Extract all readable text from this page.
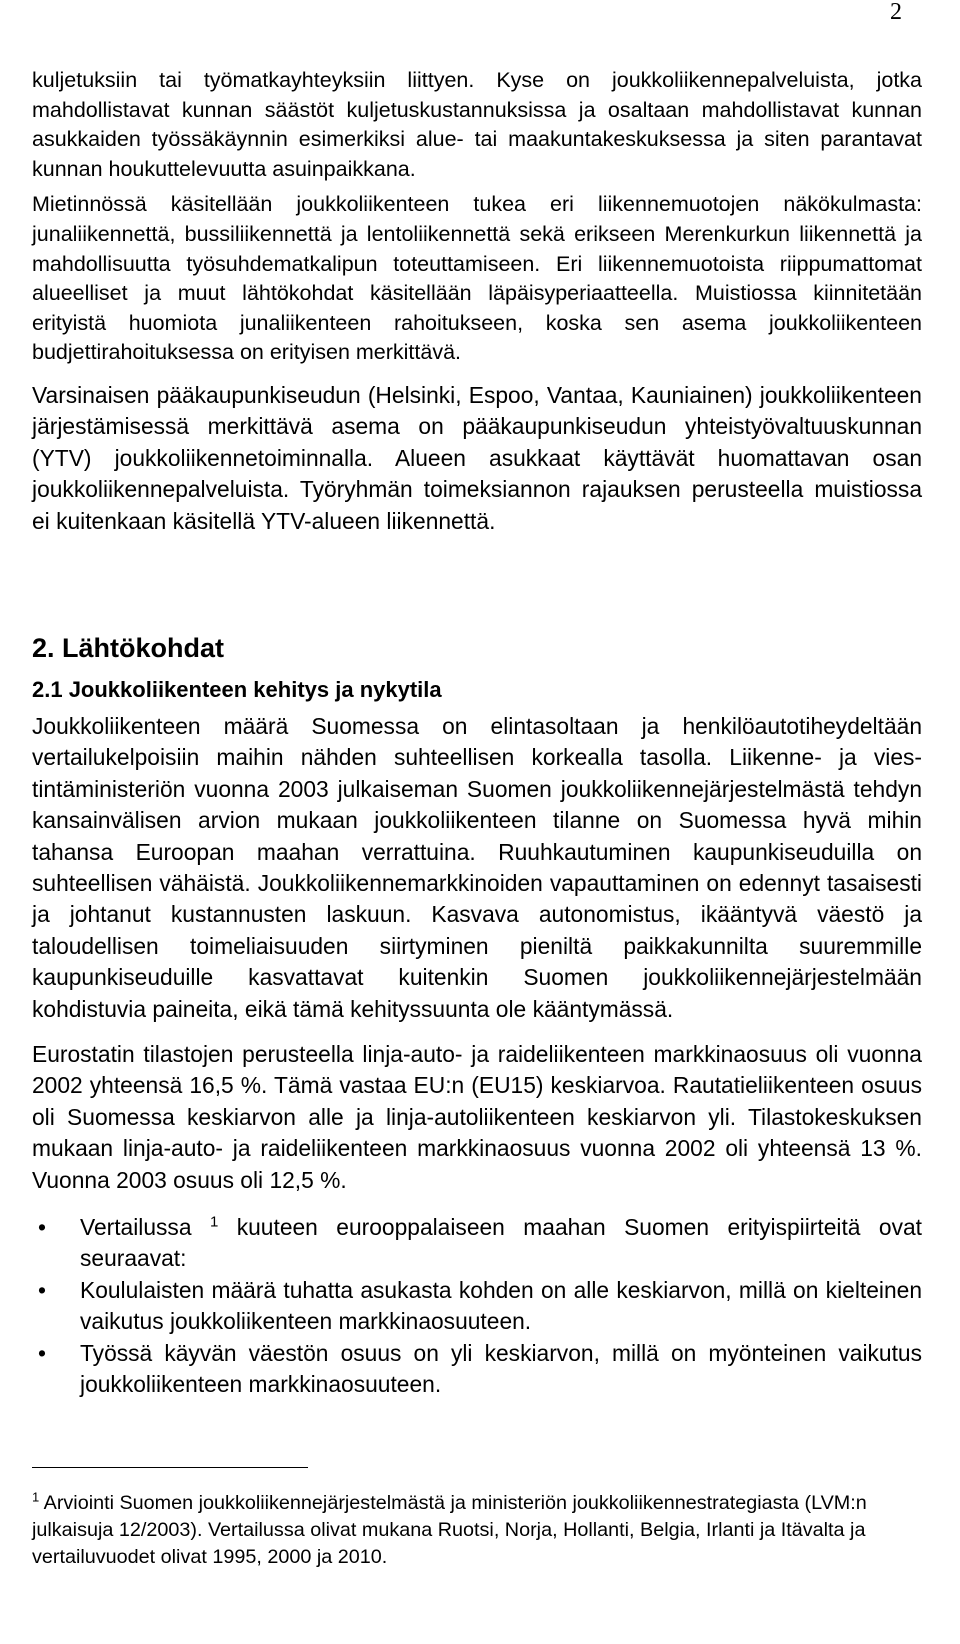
2

kuljetuksiin tai työmatkayhteyksiin liittyen. Kyse on joukkoliikennepalveluista, jotka mahdollistavat kunnan säästöt kuljetuskustannuksissa ja osaltaan mahdollistavat kunnan asukkaiden työssäkäynnin esimerkiksi alue- tai maakuntakeskuksessa ja siten parantavat kunnan houkuttelevuutta asuinpaikkana.

Mietinnössä käsitellään joukkoliikenteen tukea eri liikennemuotojen näkökulmasta: junaliikennettä, bussiliikennettä ja lentoliikennettä sekä erikseen Merenkurkun liikennettä ja mahdollisuutta työsuhdematkalipun toteuttamiseen. Eri liikennemuotoista riippumattomat alueelliset ja muut lähtökohdat käsitellään läpäisyperiaatteella. Muistiossa kiinnitetään erityistä huomiota junaliikenteen rahoitukseen, koska sen asema joukkoliikenteen budjettirahoituksessa on erityisen merkittävä.

Varsinaisen pääkaupunkiseudun (Helsinki, Espoo, Vantaa, Kauniainen) joukkoliikenteen järjestämisessä merkittävä asema on pääkaupunkiseudun yhteistyövaltuuskunnan (YTV) joukkoliikennetoiminnalla. Alueen asukkaat käyttävät huomattavan osan joukkoliikennepalveluista. Työryhmän toimeksiannon rajauksen perusteella muistiossa ei kuitenkaan käsitellä YTV-alueen liikennettä.

2. Lähtökohdat
2.1 Joukkoliikenteen kehitys ja nykytila

Joukkoliikenteen määrä Suomessa on elintasoltaan ja henkilöautotiheydeltään vertailukelpoisiin maihin nähden suhteellisen korkealla tasolla. Liikenne- ja viestintäministeriön vuonna 2003 julkaiseman Suomen joukkoliikennejärjestelmästä tehdyn kansainvälisen arvion mukaan joukkoliikenteen tilanne on Suomessa hyvä mihin tahansa Euroopan maahan verrattuina. Ruuhkautuminen kaupunkiseuduilla on suhteellisen vähäistä. Joukkoliikennemarkkinoiden vapauttaminen on edennyt tasaisesti ja johtanut kustannusten laskuun. Kasvava autonomistus, ikääntyvä väestö ja taloudellisen toimeliaisuuden siirtyminen pieniltä paikkakunnilta suuremmille kaupunkiseuduille kasvattavat kuitenkin Suomen joukkoliikennejärjestelmään kohdistuvia paineita, eikä tämä kehityssuunta ole kääntymässä.

Eurostatin tilastojen perusteella linja-auto- ja raideliikenteen markkinaosuus oli vuonna 2002 yhteensä 16,5 %. Tämä vastaa EU:n (EU15) keskiarvoa. Rautatieliikenteen osuus oli Suomessa keskiarvon alle ja linja-autoliikenteen keskiarvon yli. Tilastokeskuksen mukaan linja-auto- ja raideliikenteen markkinaosuus vuonna 2002 oli yhteensä 13 %. Vuonna 2003 osuus oli 12,5 %.

• Vertailussa $^1$ kuuteen eurooppalaiseen maahan Suomen erityispiirteitä ovat seuraavat:
• Koululaisten määrä tuhatta asukasta kohden on alle keskiarvon, millä on kielteinen vaikutus joukkoliikenteen markkinaosuuteen.
• Työssä käyvän väestön osuus on yli keskiarvon, millä on myönteinen vaikutus joukkoliikenteen markkinaosuuteen.

$^1$ Arviointi Suomen joukkoliikennejärjestelmästä ja ministeriön joukkoliikennestrategiasta (LVM:n julkaisuja 12/2003). Vertailussa olivat mukana Ruotsi, Norja, Hollanti, Belgia, Irlanti ja Itävalta ja vertailuvuodet olivat 1995, 2000 ja 2010.
